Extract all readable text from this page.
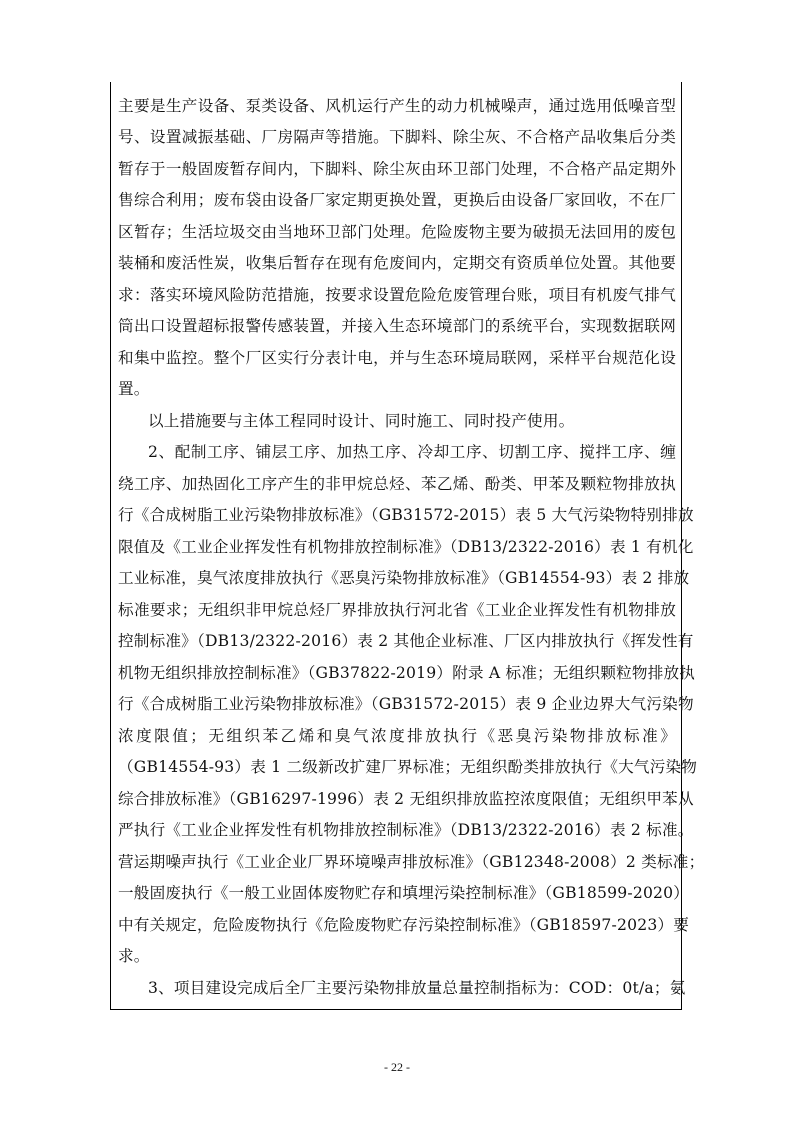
主要是生产设备、泵类设备、风机运行产生的动力机械噪声，通过选用低噪音型
号、设置减振基础、厂房隔声等措施。下脚料、除尘灰、不合格产品收集后分类
暂存于一般固废暂存间内，下脚料、除尘灰由环卫部门处理，不合格产品定期外
售综合利用；废布袋由设备厂家定期更换处置，更换后由设备厂家回收，不在厂
区暂存；生活垃圾交由当地环卫部门处理。危险废物主要为破损无法回用的废包
装桶和废活性炭，收集后暂存在现有危废间内，定期交有资质单位处置。其他要
求：落实环境风险防范措施，按要求设置危险危废管理台账，项目有机废气排气
筒出口设置超标报警传感装置，并接入生态环境部门的系统平台，实现数据联网
和集中监控。整个厂区实行分表计电，并与生态环境局联网，采样平台规范化设
置。
以上措施要与主体工程同时设计、同时施工、同时投产使用。
2、配制工序、铺层工序、加热工序、冷却工序、切割工序、搅拌工序、缠
绕工序、加热固化工序产生的非甲烷总烃、苯乙烯、酚类、甲苯及颗粒物排放执
行《合成树脂工业污染物排放标准》（GB31572-2015）表 5 大气污染物特别排放
限值及《工业企业挥发性有机物排放控制标准》（DB13/2322-2016）表 1 有机化
工业标准，臭气浓度排放执行《恶臭污染物排放标准》（GB14554-93）表 2 排放
标准要求；无组织非甲烷总烃厂界排放执行河北省《工业企业挥发性有机物排放
控制标准》（DB13/2322-2016）表 2 其他企业标准、厂区内排放执行《挥发性有
机物无组织排放控制标准》（GB37822-2019）附录 A 标准；无组织颗粒物排放执
行《合成树脂工业污染物排放标准》（GB31572-2015）表 9 企业边界大气污染物
浓度限值；无组织苯乙烯和臭气浓度排放执行《恶臭污染物排放标准》
（GB14554-93）表 1 二级新改扩建厂界标准；无组织酚类排放执行《大气污染物
综合排放标准》（GB16297-1996）表 2 无组织排放监控浓度限值；无组织甲苯从
严执行《工业企业挥发性有机物排放控制标准》（DB13/2322-2016）表 2 标准。
营运期噪声执行《工业企业厂界环境噪声排放标准》（GB12348-2008）2 类标准；
一般固废执行《一般工业固体废物贮存和填埋污染控制标准》（GB18599-2020）
中有关规定，危险废物执行《危险废物贮存污染控制标准》（GB18597-2023）要
求。
3、项目建设完成后全厂主要污染物排放量总量控制指标为：COD：0t/a；氨
- 22 -
